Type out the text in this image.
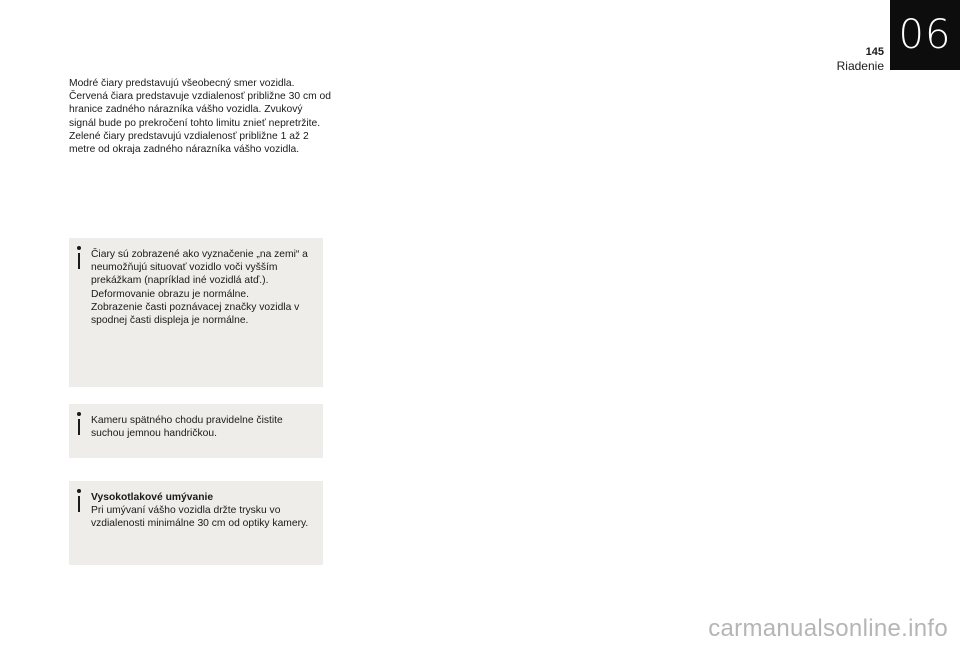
145
Riadenie
06

Modré čiary predstavujú všeobecný smer vozidla.

Červená čiara predstavuje vzdialenosť približne 30 cm od hranice zadného nárazníka vášho vozidla. Zvukový signál bude po prekročení tohto limitu znieť nepretržite.

Zelené čiary predstavujú vzdialenosť približne 1 až 2 metre od okraja zadného nárazníka vášho vozidla.

Čiary sú zobrazené ako vyznačenie „na zemi“ a neumožňujú situovať vozidlo voči vyšším prekážkam (napríklad iné vozidlá atď.).

Deformovanie obrazu je normálne.

Zobrazenie časti poznávacej značky vozidla v spodnej časti displeja je normálne.

Kameru spätného chodu pravidelne čistite suchou jemnou handričkou.

Vysokotlakové umývanie

Pri umývaní vášho vozidla držte trysku vo vzdialenosti minimálne 30 cm od optiky kamery.

carmanualsonline.info
